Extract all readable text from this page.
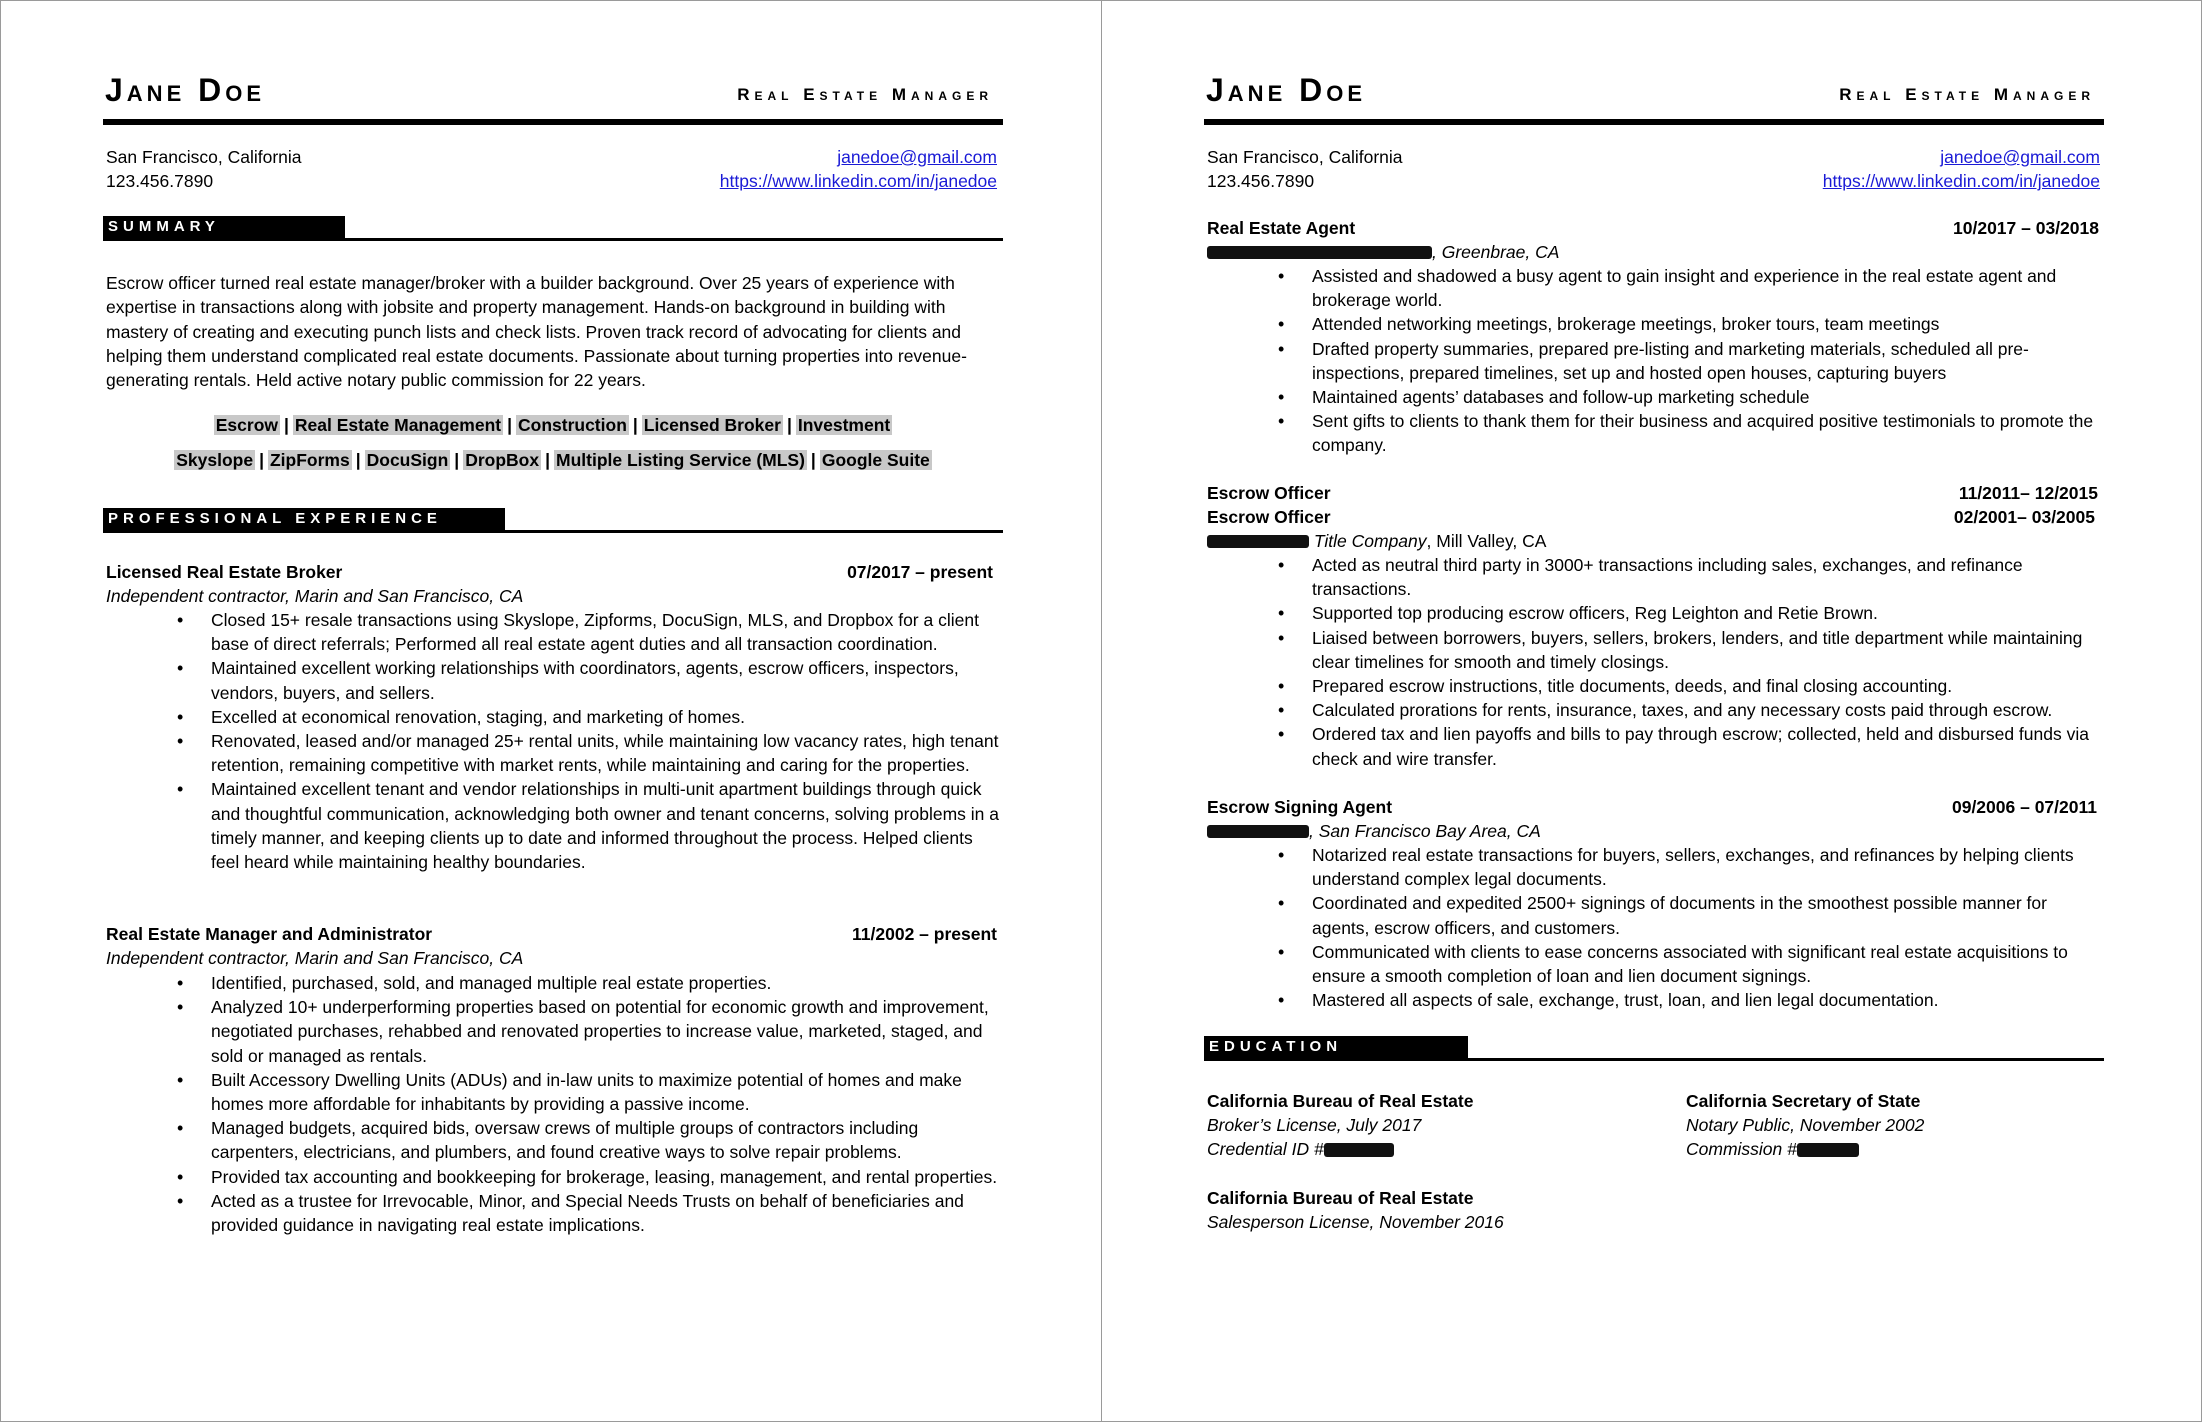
Jane Doe	Real Estate Manager
San Francisco, California
123.456.7890
janedoe@gmail.com
https://www.linkedin.com/in/janedoe
SUMMARY

Escrow officer turned real estate manager/broker with a builder background. Over 25 years of experience with expertise in transactions along with jobsite and property management. Hands-on background in building with mastery of creating and executing punch lists and check lists. Proven track record of advocating for clients and helping them understand complicated real estate documents. Passionate about turning properties into revenue-generating rentals. Held active notary public commission for 22 years.

Escrow | Real Estate Management | Construction | Licensed Broker | Investment
Skyslope | ZipForms | DocuSign | DropBox | Multiple Listing Service (MLS) | Google Suite
PROFESSIONAL EXPERIENCE
Licensed Real Estate Broker	07/2017 – present
Independent contractor, Marin and San Francisco, CA
• Closed 15+ resale transactions using Skyslope, Zipforms, DocuSign, MLS, and Dropbox for a client base of direct referrals; Performed all real estate agent duties and all transaction coordination.
• Maintained excellent working relationships with coordinators, agents, escrow officers, inspectors, vendors, buyers, and sellers.
• Excelled at economical renovation, staging, and marketing of homes.
• Renovated, leased and/or managed 25+ rental units, while maintaining low vacancy rates, high tenant retention, remaining competitive with market rents, while maintaining and caring for the properties.
• Maintained excellent tenant and vendor relationships in multi-unit apartment buildings through quick and thoughtful communication, acknowledging both owner and tenant concerns, solving problems in a timely manner, and keeping clients up to date and informed throughout the process. Helped clients feel heard while maintaining healthy boundaries.
Real Estate Manager and Administrator	11/2002 – present
Independent contractor, Marin and San Francisco, CA
• Identified, purchased, sold, and managed multiple real estate properties.
• Analyzed 10+ underperforming properties based on potential for economic growth and improvement, negotiated purchases, rehabbed and renovated properties to increase value, marketed, staged, and sold or managed as rentals.
• Built Accessory Dwelling Units (ADUs) and in-law units to maximize potential of homes and make homes more affordable for inhabitants by providing a passive income.
• Managed budgets, acquired bids, oversaw crews of multiple groups of contractors including carpenters, electricians, and plumbers, and found creative ways to solve repair problems.
• Provided tax accounting and bookkeeping for brokerage, leasing, management, and rental properties.
• Acted as a trustee for Irrevocable, Minor, and Special Needs Trusts on behalf of beneficiaries and provided guidance in navigating real estate implications.
Jane Doe	Real Estate Manager
San Francisco, California
123.456.7890
janedoe@gmail.com
https://www.linkedin.com/in/janedoe
Real Estate Agent	10/2017 – 03/2018
, Greenbrae, CA
• Assisted and shadowed a busy agent to gain insight and experience in the real estate agent and brokerage world.
• Attended networking meetings, brokerage meetings, broker tours, team meetings
• Drafted property summaries, prepared pre-listing and marketing materials, scheduled all pre-inspections, prepared timelines, set up and hosted open houses, capturing buyers
• Maintained agents’ databases and follow-up marketing schedule
• Sent gifts to clients to thank them for their business and acquired positive testimonials to promote the company.
Escrow Officer	11/2011– 12/2015
Escrow Officer	02/2001– 03/2005
Title Company, Mill Valley, CA
• Acted as neutral third party in 3000+ transactions including sales, exchanges, and refinance transactions.
• Supported top producing escrow officers, Reg Leighton and Retie Brown.
• Liaised between borrowers, buyers, sellers, brokers, lenders, and title department while maintaining clear timelines for smooth and timely closings.
• Prepared escrow instructions, title documents, deeds, and final closing accounting.
• Calculated prorations for rents, insurance, taxes, and any necessary costs paid through escrow.
• Ordered tax and lien payoffs and bills to pay through escrow; collected, held and disbursed funds via check and wire transfer.
Escrow Signing Agent	09/2006 – 07/2011
, San Francisco Bay Area, CA
• Notarized real estate transactions for buyers, sellers, exchanges, and refinances by helping clients understand complex legal documents.
• Coordinated and expedited 2500+ signings of documents in the smoothest possible manner for agents, escrow officers, and customers.
• Communicated with clients to ease concerns associated with significant real estate acquisitions to ensure a smooth completion of loan and lien document signings.
• Mastered all aspects of sale, exchange, trust, loan, and lien legal documentation.
EDUCATION
California Bureau of Real Estate
Broker’s License, July 2017
Credential ID #
California Secretary of State
Notary Public, November 2002
Commission #
California Bureau of Real Estate
Salesperson License, November 2016
